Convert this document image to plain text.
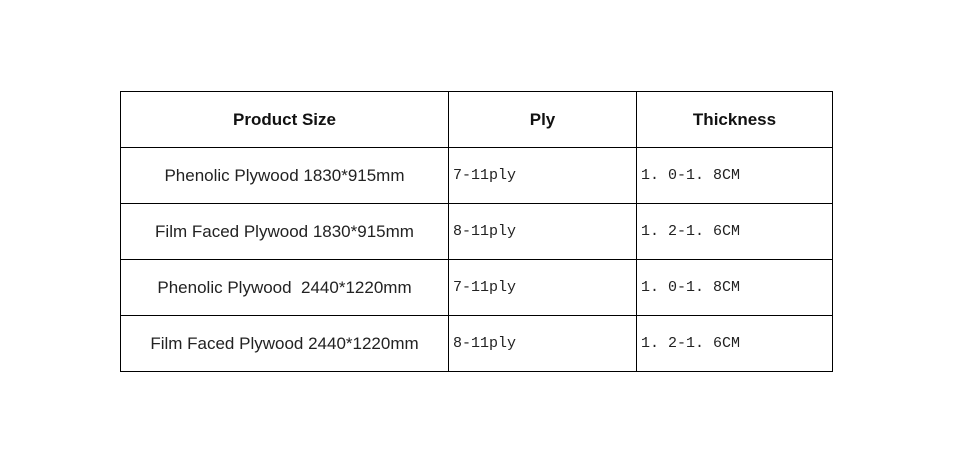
Product Size	Ply	Thickness
Phenolic Plywood 1830*915mm	7-11ply	1. 0-1. 8CM
Film Faced Plywood 1830*915mm	8-11ply	1. 2-1. 6CM
Phenolic Plywood  2440*1220mm	7-11ply	1. 0-1. 8CM
Film Faced Plywood 2440*1220mm	8-11ply	1. 2-1. 6CM
